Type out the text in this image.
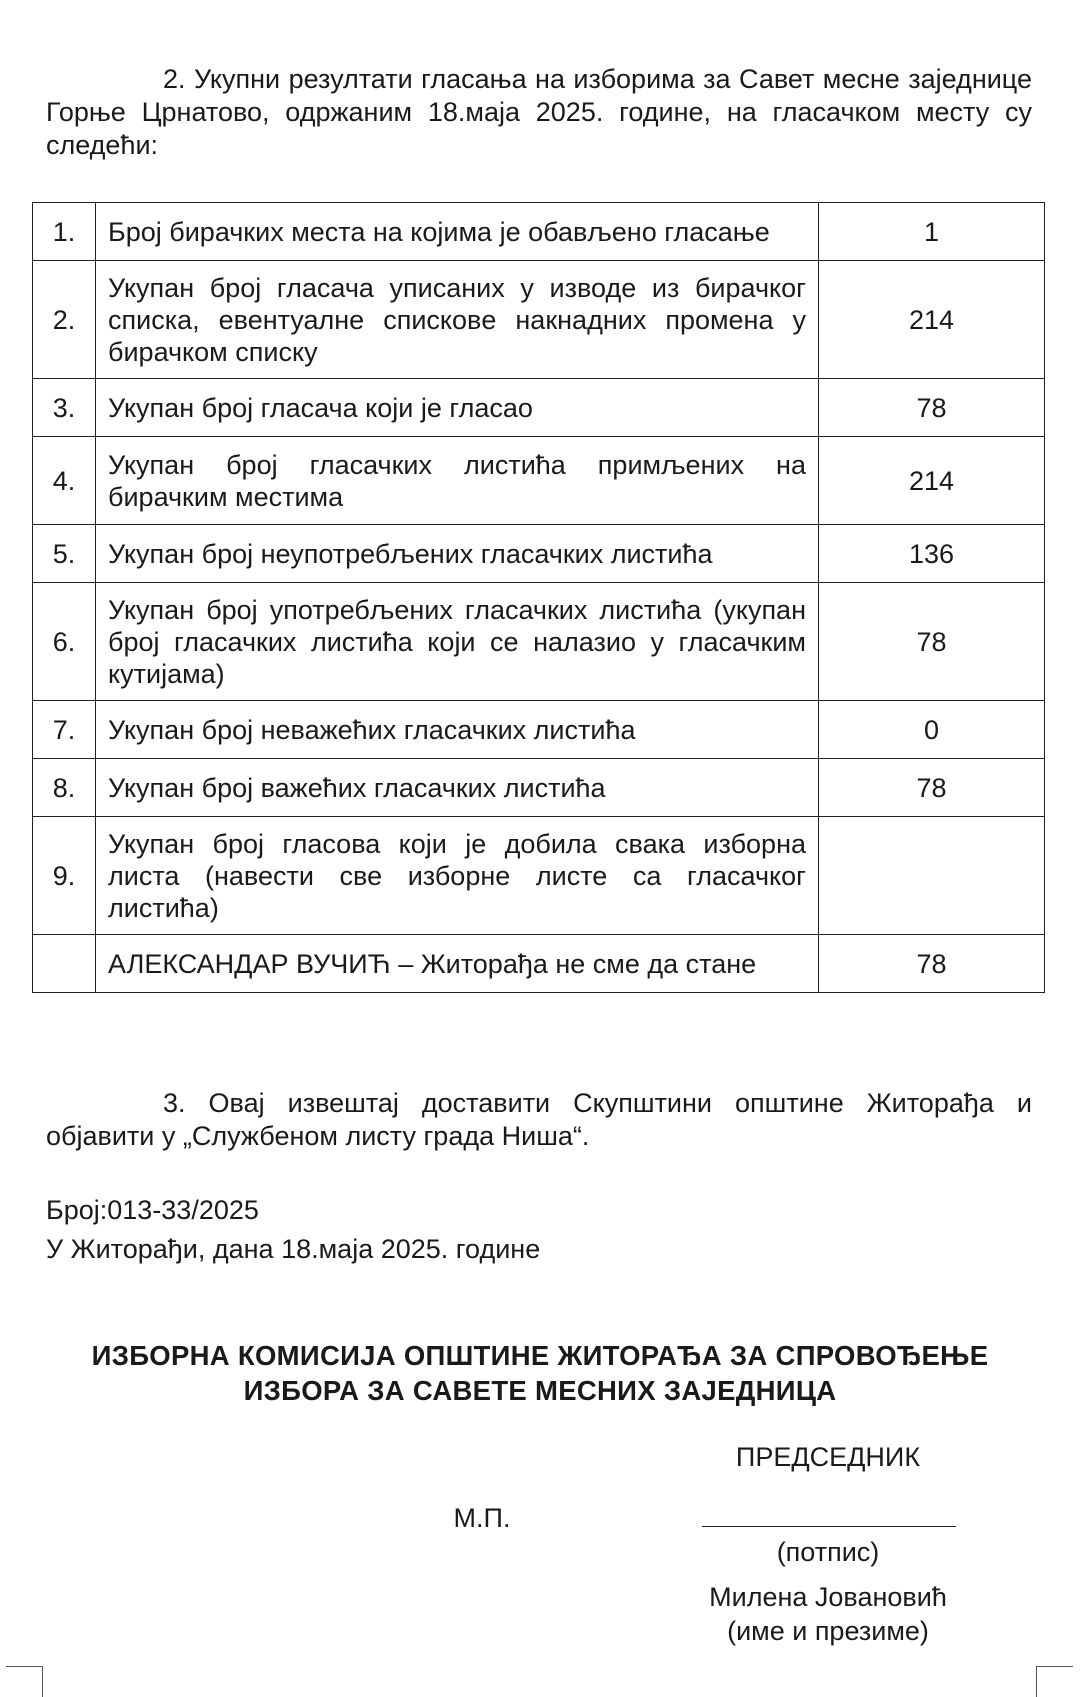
2. Укупни резултати гласања на изборима за Савет месне заједнице Горње Црнатово, одржаним 18.маја 2025. године, на гласачком месту су следећи:
1.	Број бирачких места на којима је обављено гласање	1
2.	Укупан број гласача уписаних у изводе из бирачког списка, евентуалне списковe накнадних промена у бирачком списку	214
3.	Укупан број гласача који је гласао	78
4.	Укупан број гласачких листића примљених на бирачким местима	214
5.	Укупан број неупотребљених гласачких листића	136
6.	Укупан број употребљених гласачких листића (укупан број гласачких листића који се налазио у гласачким кутијама)	78
7.	Укупан број неважећих гласачких листића	0
8.	Укупан број важећих гласачких листића	78
9.	Укупан број гласова који је добила свака изборна листа (навести све изборне листе са гласачког листића)	
	АЛЕКСАНДАР ВУЧИЋ – Житорађа не сме да стане	78
3. Овај извештај доставити Скупштини општине Житорађа и објавити у „Службеном листу града Ниша“.
Број:013-33/2025
У Житорађи, дана 18.маја 2025. године
ИЗБОРНА КОМИСИЈА ОПШТИНЕ ЖИТОРАЂА ЗА СПРОВОЂЕЊЕ
ИЗБОРА ЗА САВЕТЕ МЕСНИХ ЗАЈЕДНИЦА
ПРЕДСЕДНИК
М.П.
(потпис)
Милена Јовановић
(име и презиме)
